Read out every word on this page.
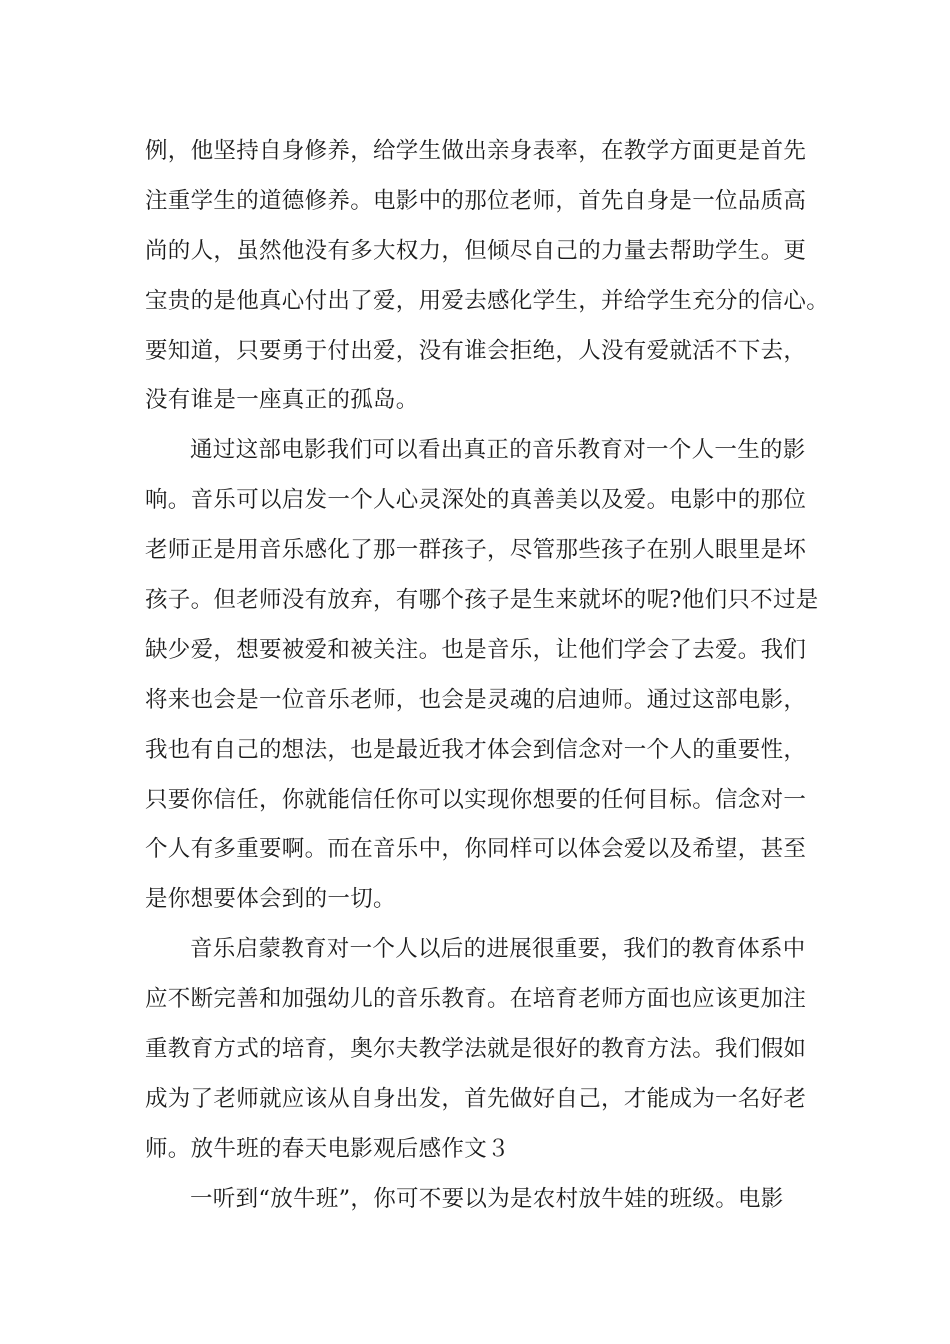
例，他坚持自身修养，给学生做出亲身表率，在教学方面更是首先
注重学生的道德修养。电影中的那位老师，首先自身是一位品质高
尚的人，虽然他没有多大权力，但倾尽自己的力量去帮助学生。更
宝贵的是他真心付出了爱，用爱去感化学生，并给学生充分的信心。
要知道，只要勇于付出爱，没有谁会拒绝，人没有爱就活不下去，
没有谁是一座真正的孤岛。
通过这部电影我们可以看出真正的音乐教育对一个人一生的影
响。音乐可以启发一个人心灵深处的真善美以及爱。电影中的那位
老师正是用音乐感化了那一群孩子，尽管那些孩子在别人眼里是坏
孩子。但老师没有放弃，有哪个孩子是生来就坏的呢?他们只不过是
缺少爱，想要被爱和被关注。也是音乐，让他们学会了去爱。我们
将来也会是一位音乐老师，也会是灵魂的启迪师。通过这部电影，
我也有自己的想法，也是最近我才体会到信念对一个人的重要性，
只要你信任，你就能信任你可以实现你想要的任何目标。信念对一
个人有多重要啊。而在音乐中，你同样可以体会爱以及希望，甚至
是你想要体会到的一切。
音乐启蒙教育对一个人以后的进展很重要，我们的教育体系中
应不断完善和加强幼儿的音乐教育。在培育老师方面也应该更加注
重教育方式的培育，奥尔夫教学法就是很好的教育方法。我们假如
成为了老师就应该从自身出发，首先做好自己，才能成为一名好老
师。放牛班的春天电影观后感作文３
一听到“放牛班”，你可不要以为是农村放牛娃的班级。电影
